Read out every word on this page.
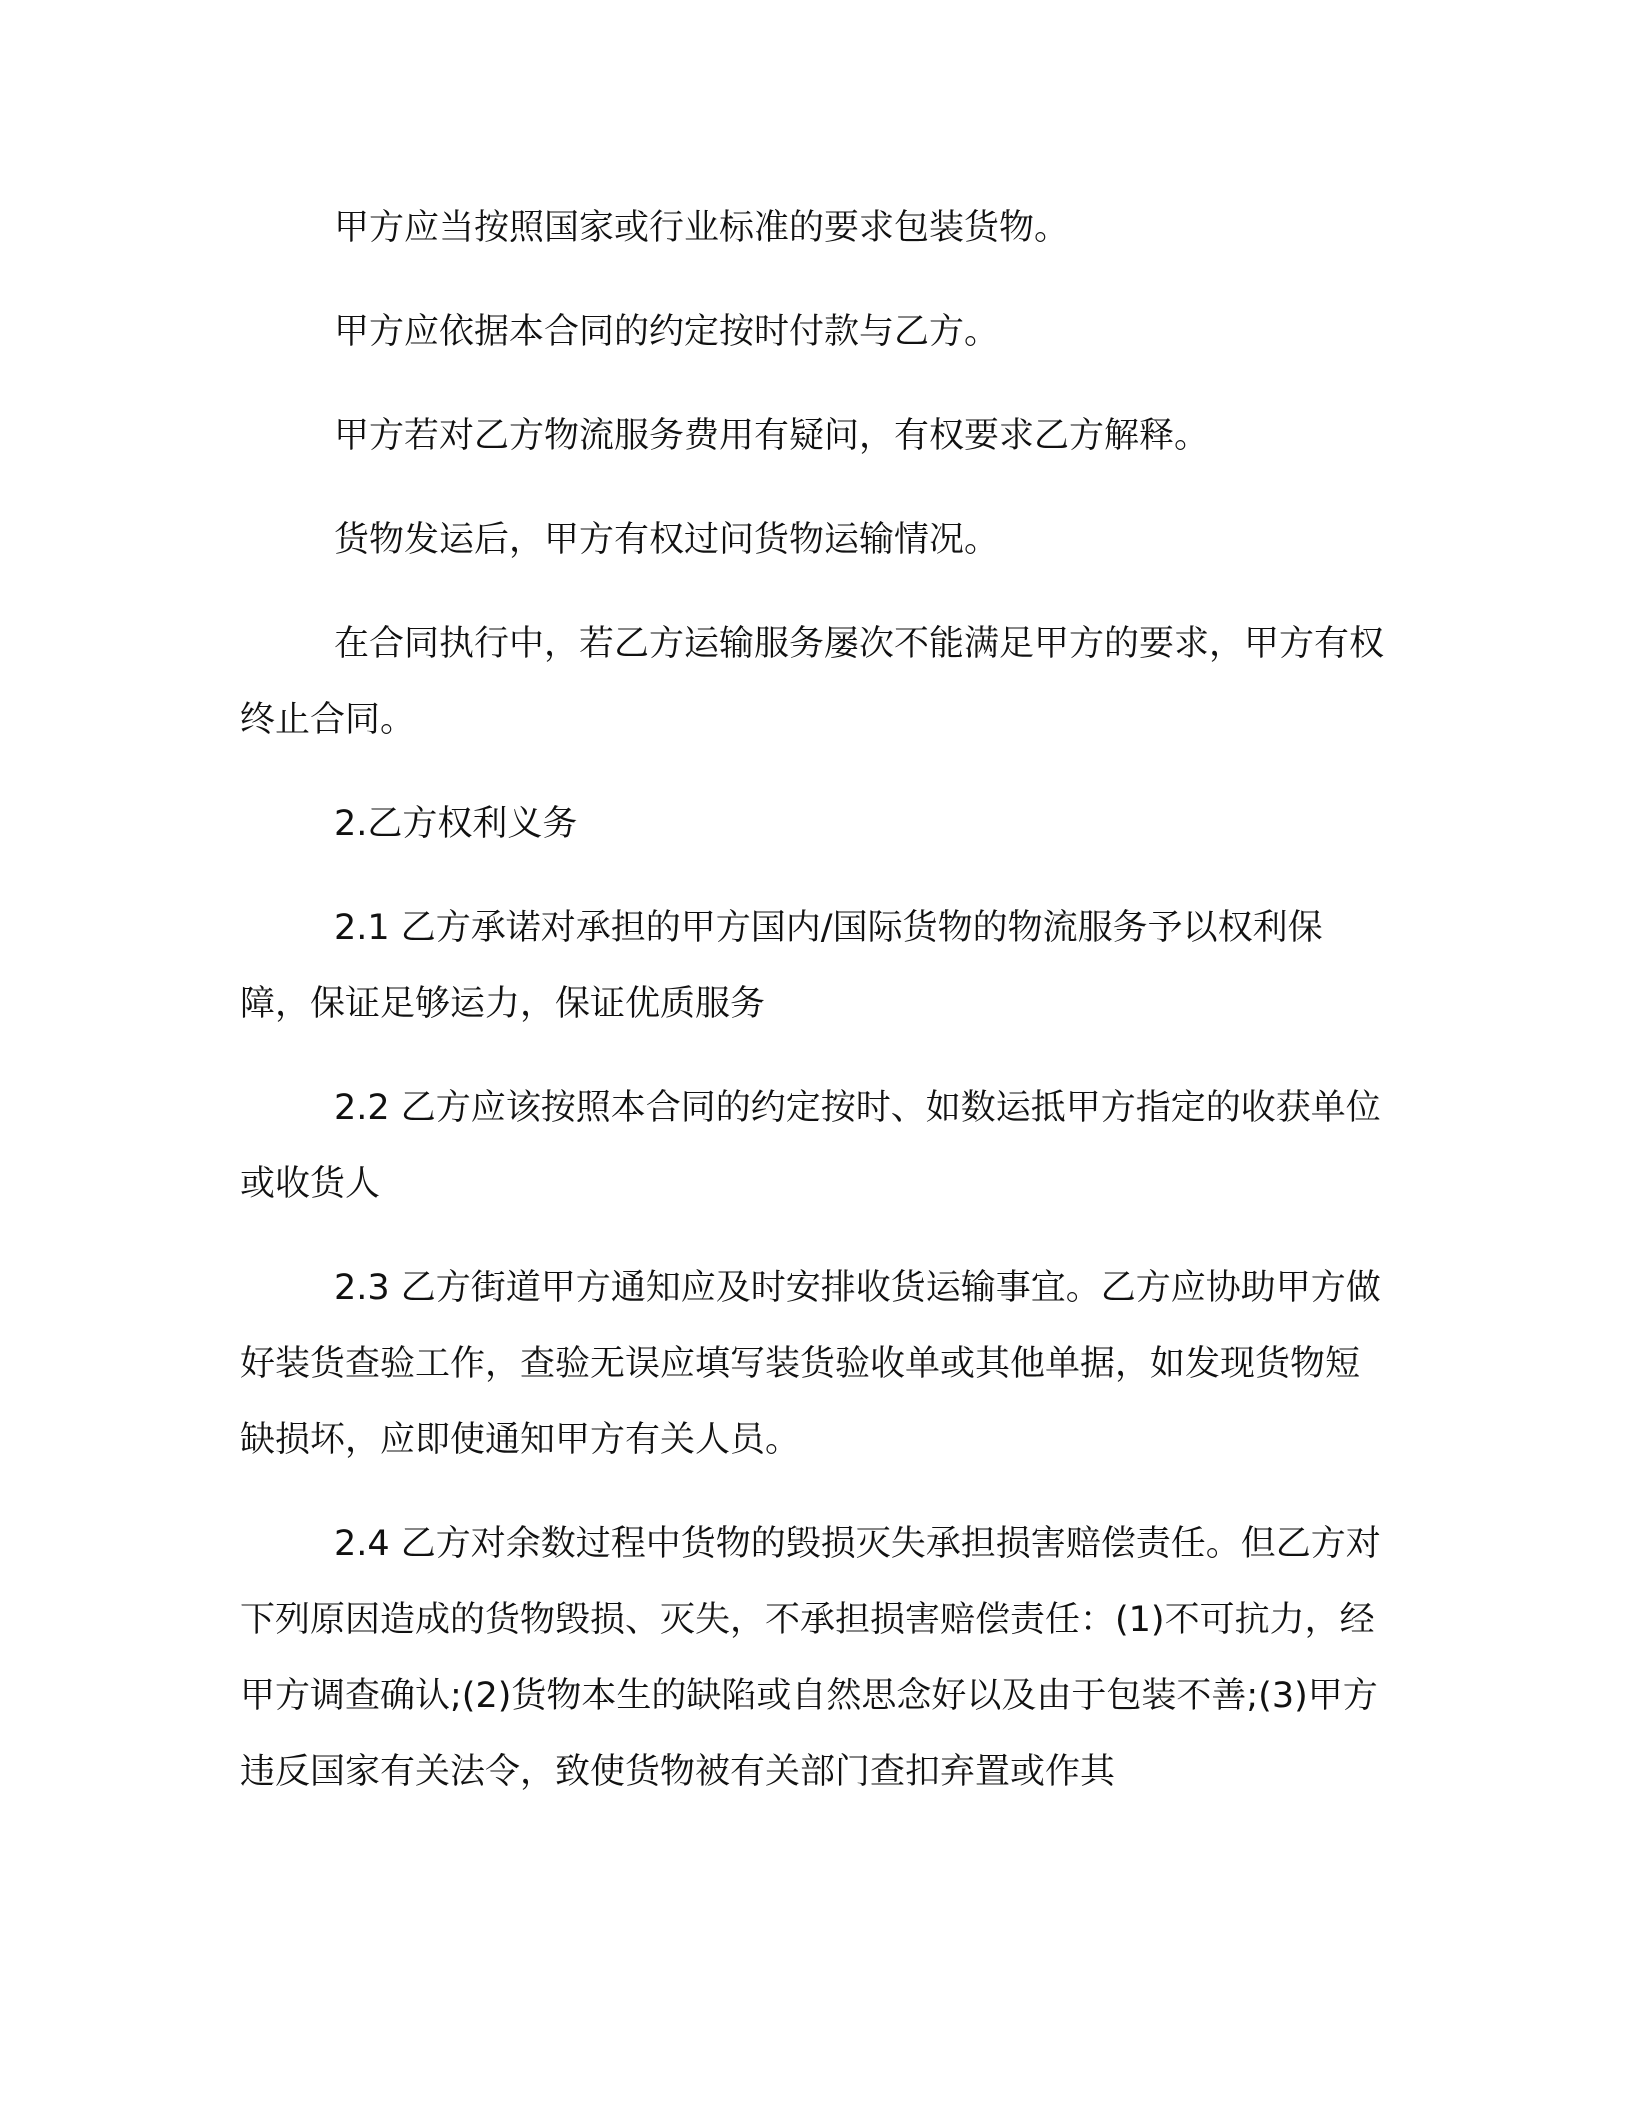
甲方应当按照国家或行业标准的要求包装货物。

甲方应依据本合同的约定按时付款与乙方。

甲方若对乙方物流服务费用有疑问，有权要求乙方解释。

货物发运后，甲方有权过问货物运输情况。

在合同执行中，若乙方运输服务屡次不能满足甲方的要求，甲方有权终止合同。

2.乙方权利义务

2.1 乙方承诺对承担的甲方国内/国际货物的物流服务予以权利保障，保证足够运力，保证优质服务

2.2 乙方应该按照本合同的约定按时、如数运抵甲方指定的收获单位或收货人

2.3 乙方街道甲方通知应及时安排收货运输事宜。乙方应协助甲方做好装货查验工作，查验无误应填写装货验收单或其他单据，如发现货物短缺损坏，应即使通知甲方有关人员。

2.4 乙方对余数过程中货物的毁损灭失承担损害赔偿责任。但乙方对下列原因造成的货物毁损、灭失，不承担损害赔偿责任：(1)不可抗力，经甲方调查确认;(2)货物本生的缺陷或自然思念好以及由于包装不善;(3)甲方违反国家有关法令，致使货物被有关部门查扣弃置或作其
